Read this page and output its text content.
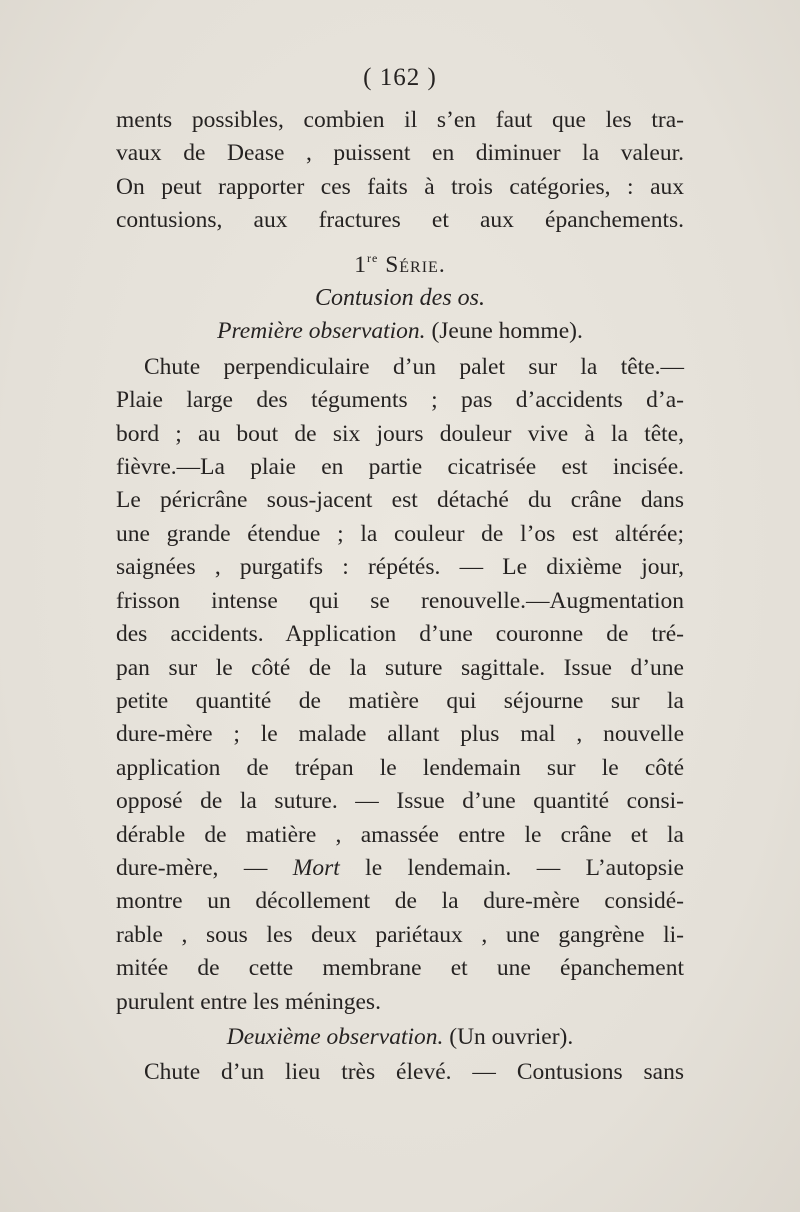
( 162 )
ments possibles, combien il s’en faut que les tra-
vaux de Dease , puissent en diminuer la valeur.
On peut rapporter ces faits à trois catégories, : aux
contusions, aux fractures et aux épanchements.
1re Série.
Contusion des os.
Première observation. (Jeune homme).
Chute perpendiculaire d’un palet sur la tête.—
Plaie large des téguments ; pas d’accidents d’a-
bord ; au bout de six jours douleur vive à la tête,
fièvre.—La plaie en partie cicatrisée est incisée.
Le péricrâne sous-jacent est détaché du crâne dans
une grande étendue ; la couleur de l’os est altérée;
saignées , purgatifs : répétés. — Le dixième jour,
frisson intense qui se renouvelle.—Augmentation
des accidents. Application d’une couronne de tré-
pan sur le côté de la suture sagittale. Issue d’une
petite quantité de matière qui séjourne sur la
dure-mère ; le malade allant plus mal , nouvelle
application de trépan le lendemain sur le côté
opposé de la suture. — Issue d’une quantité consi-
dérable de matière , amassée entre le crâne et la
dure-mère, — Mort le lendemain. — L’autopsie
montre un décollement de la dure-mère considé-
rable , sous les deux pariétaux , une gangrène li-
mitée de cette membrane et une épanchement
purulent entre les méninges.
Deuxième observation. (Un ouvrier).
Chute d’un lieu très élevé. — Contusions sans
